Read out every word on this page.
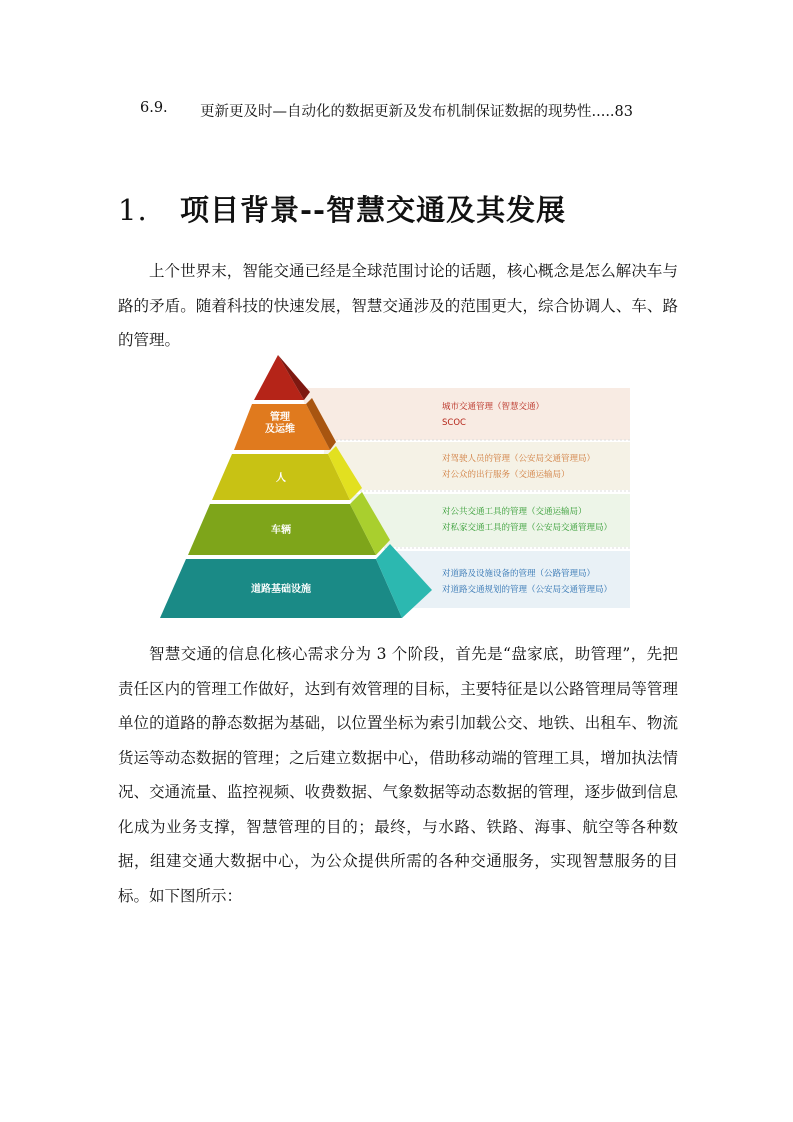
6.9.	更新更及时—自动化的数据更新及发布机制保证数据的现势性.....83
1.	项目背景--智慧交通及其发展

上个世界末，智能交通已经是全球范围讨论的话题，核心概念是怎么解决车与路的矛盾。随着科技的快速发展，智慧交通涉及的范围更大，综合协调人、车、路的管理。

管理
及运维
人
车辆
道路基础设施
城市交通管理（智慧交通）
SCOC
对驾驶人员的管理（公安局交通管理局）
对公众的出行服务（交通运输局）
对公共交通工具的管理（交通运输局）
对私家交通工具的管理（公安局交通管理局）
对道路及设施设备的管理（公路管理局）
对道路交通规划的管理（公安局交通管理局）

智慧交通的信息化核心需求分为 3 个阶段，首先是“盘家底，助管理”，先把责任区内的管理工作做好，达到有效管理的目标，主要特征是以公路管理局等管理单位的道路的静态数据为基础，以位置坐标为索引加载公交、地铁、出租车、物流货运等动态数据的管理；之后建立数据中心，借助移动端的管理工具，增加执法情况、交通流量、监控视频、收费数据、气象数据等动态数据的管理，逐步做到信息化成为业务支撑，智慧管理的目的；最终，与水路、铁路、海事、航空等各种数据，组建交通大数据中心，为公众提供所需的各种交通服务，实现智慧服务的目标。如下图所示：
